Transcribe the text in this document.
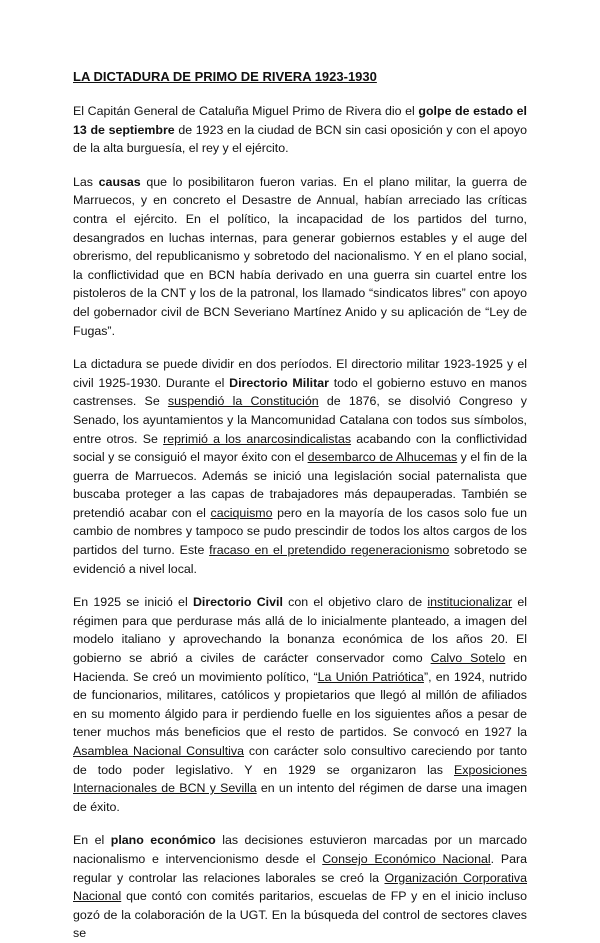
LA DICTADURA DE PRIMO DE RIVERA 1923-1930

El Capitán General de Cataluña Miguel Primo de Rivera dio el golpe de estado el 13 de septiembre de 1923 en la ciudad de BCN sin casi oposición y con el apoyo de la alta burguesía, el rey y el ejército.

Las causas que lo posibilitaron fueron varias. En el plano militar, la guerra de Marruecos, y en concreto el Desastre de Annual, habían arreciado las críticas contra el ejército. En el político, la incapacidad de los partidos del turno, desangrados en luchas internas, para generar gobiernos estables y el auge del obrerismo, del republicanismo y sobretodo del nacionalismo. Y en el plano social, la conflictividad que en BCN había derivado en una guerra sin cuartel entre los pistoleros de la CNT y los de la patronal, los llamado “sindicatos libres” con apoyo del gobernador civil de BCN Severiano Martínez Anido y su aplicación de “Ley de Fugas”.

La dictadura se puede dividir en dos períodos. El directorio militar 1923-1925 y el civil 1925-1930. Durante el Directorio Militar todo el gobierno estuvo en manos castrenses. Se suspendió la Constitución de 1876, se disolvió Congreso y Senado, los ayuntamientos y la Mancomunidad Catalana con todos sus símbolos, entre otros. Se reprimió a los anarcosindicalistas acabando con la conflictividad social y se consiguió el mayor éxito con el desembarco de Alhucemas y el fin de la guerra de Marruecos. Además se inició una legislación social paternalista que buscaba proteger a las capas de trabajadores más depauperadas. También se pretendió acabar con el caciquismo pero en la mayoría de los casos solo fue un cambio de nombres y tampoco se pudo prescindir de todos los altos cargos de los partidos del turno. Este fracaso en el pretendido regeneracionismo sobretodo se evidenció a nivel local.

En 1925 se inició el Directorio Civil con el objetivo claro de institucionalizar el régimen para que perdurase más allá de lo inicialmente planteado, a imagen del modelo italiano y aprovechando la bonanza económica de los años 20. El gobierno se abrió a civiles de carácter conservador como Calvo Sotelo en Hacienda. Se creó un movimiento político, “La Unión Patriótica”, en 1924, nutrido de funcionarios, militares, católicos y propietarios que llegó al millón de afiliados en su momento álgido para ir perdiendo fuelle en los siguientes años a pesar de tener muchos más beneficios que el resto de partidos. Se convocó en 1927 la Asamblea Nacional Consultiva con carácter solo consultivo careciendo por tanto de todo poder legislativo. Y en 1929 se organizaron las Exposiciones Internacionales de BCN y Sevilla en un intento del régimen de darse una imagen de éxito.

En el plano económico las decisiones estuvieron marcadas por un marcado nacionalismo e intervencionismo desde el Consejo Económico Nacional. Para regular y controlar las relaciones laborales se creó la Organización Corporativa Nacional que contó con comités paritarios, escuelas de FP y en el inicio incluso gozó de la colaboración de la UGT. En la búsqueda del control de sectores claves se
